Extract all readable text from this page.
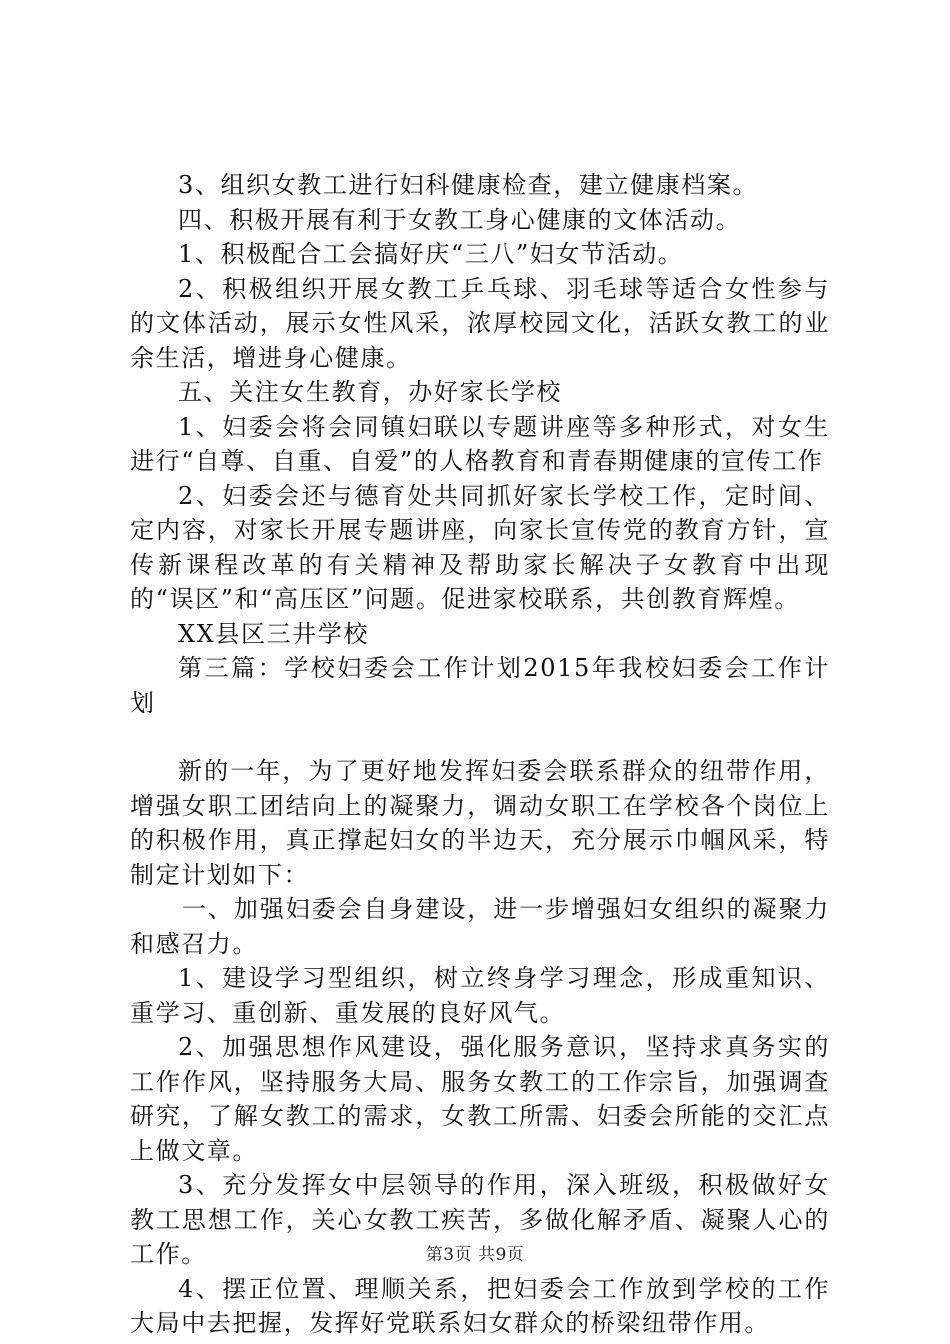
3、组织女教工进行妇科健康检查，建立健康档案。

四、积极开展有利于女教工身心健康的文体活动。

1、积极配合工会搞好庆“三八”妇女节活动。

2、积极组织开展女教工乒乓球、羽毛球等适合女性参与的文体活动，展示女性风采，浓厚校园文化，活跃女教工的业余生活，增进身心健康。

五、关注女生教育，办好家长学校

1、妇委会将会同镇妇联以专题讲座等多种形式，对女生进行“自尊、自重、自爱”的人格教育和青春期健康的宣传工作

2、妇委会还与德育处共同抓好家长学校工作，定时间、定内容，对家长开展专题讲座，向家长宣传党的教育方针，宣传新课程改革的有关精神及帮助家长解决子女教育中出现的“误区”和“高压区”问题。促进家校联系，共创教育辉煌。

XX县区三井学校

第三篇：学校妇委会工作计划2015年我校妇委会工作计划

新的一年，为了更好地发挥妇委会联系群众的纽带作用，增强女职工团结向上的凝聚力，调动女职工在学校各个岗位上的积极作用，真正撑起妇女的半边天，充分展示巾帼风采，特制定计划如下：

一、加强妇委会自身建设，进一步增强妇女组织的凝聚力和感召力。

1、建设学习型组织，树立终身学习理念，形成重知识、重学习、重创新、重发展的良好风气。

2、加强思想作风建设，强化服务意识，坚持求真务实的工作作风，坚持服务大局、服务女教工的工作宗旨，加强调查研究，了解女教工的需求，女教工所需、妇委会所能的交汇点上做文章。

3、充分发挥女中层领导的作用，深入班级，积极做好女教工思想工作，关心女教工疾苦，多做化解矛盾、凝聚人心的工作。

4、摆正位置、理顺关系，把妇委会工作放到学校的工作大局中去把握，发挥好党联系妇女群众的桥梁纽带作用。

第3页 共9页
